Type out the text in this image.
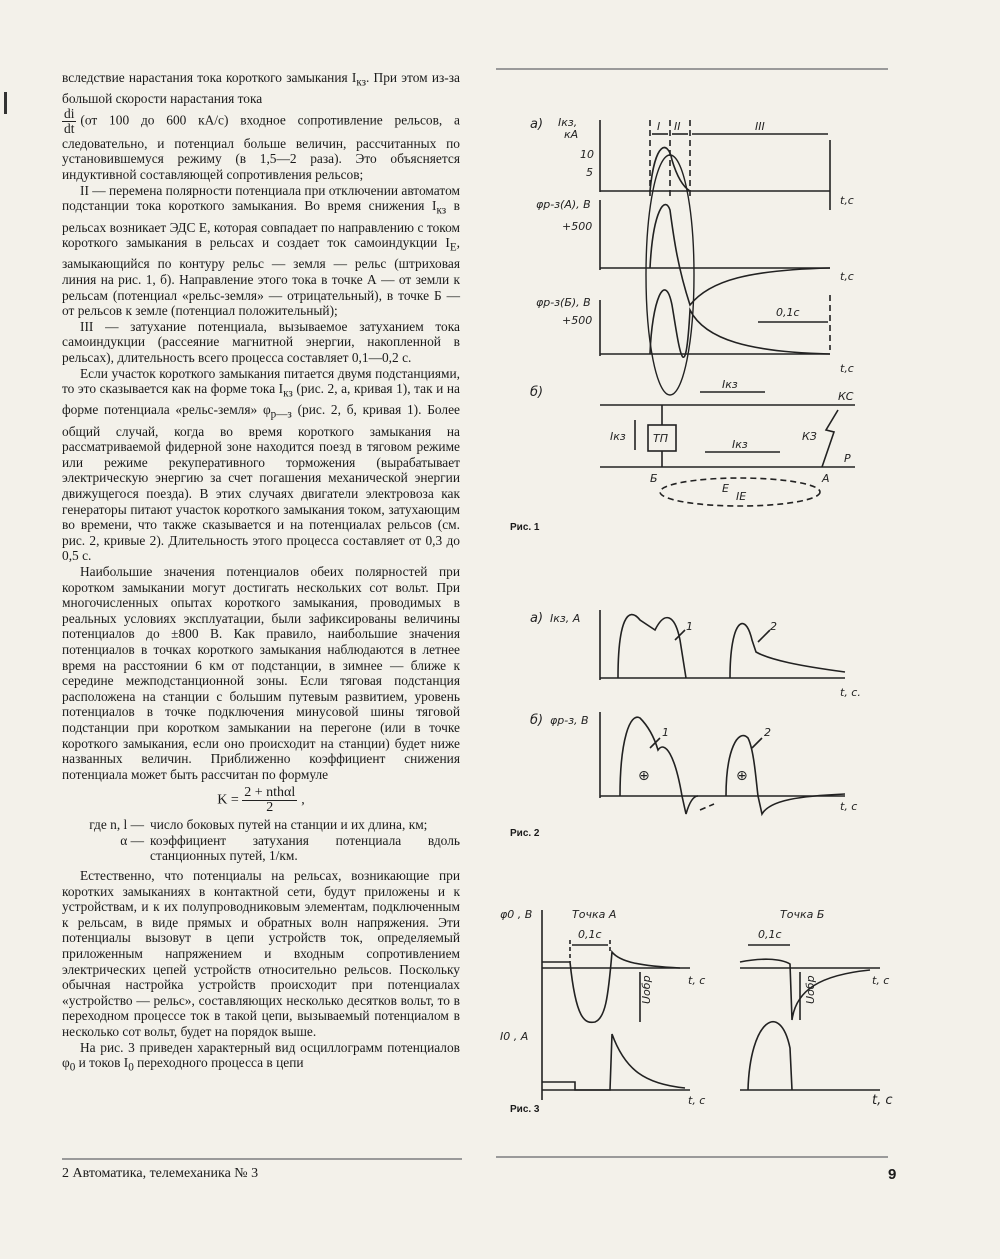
вследствие нарастания тока короткого замыкания $I_{кз}$. При этом из-за большой скорости нарастания тока

$\frac{di}{dt} (от$ 100 до 600 кА/с) входное сопротивление рельсов, а следовательно, и потенциал больше величин, рассчитанных по установившемуся режиму (в 1,5—2 раза). Это объясняется индуктивной составляющей сопротивления рельсов;

II — перемена полярности потенциала при отключении автоматом подстанции тока короткого замыкания. Во время снижения $I_{кз}$ в рельсах возникает ЭДС Е, которая совпадает по направлению с током короткого замыкания в рельсах и создает ток самоиндукции $I_E$, замыкающийся по контуру рельс — земля — рельс (штриховая линия на рис. 1, б). Направление этого тока в точке А — от земли к рельсам (потенциал «рельс-земля» — отрицательный), в точке Б — от рельсов к земле (потенциал положительный);

III — затухание потенциала, вызываемое затуханием тока самоиндукции (рассеяние магнитной энергии, накопленной в рельсах), длительность всего процесса составляет 0,1—0,2 с.

Если участок короткого замыкания питается двумя подстанциями, то это сказывается как на форме тока $I_{кз}$ (рис. 2, а, кривая 1), так и на форме потенциала «рельс-земля» $\varphi_{р—з}$ (рис. 2, б, кривая 1). Более общий случай, когда во время короткого замыкания на рассматриваемой фидерной зоне находится поезд в тяговом режиме или режиме рекуперативного торможения (вырабатывает электрическую энергию за счет погашения механической энергии движущегося поезда). В этих случаях двигатели электровоза как генераторы питают участок короткого замыкания током, затухающим во времени, что также сказывается и на потенциалах рельсов (см. рис. 2, кривые 2). Длительность этого процесса составляет от 0,3 до 0,5 с.

Наибольшие значения потенциалов обеих полярностей при коротком замыкании могут достигать нескольких сот вольт. При многочисленных опытах короткого замыкания, проводимых в реальных условиях эксплуатации, были зафиксированы величины потенциалов до ±800 В. Как правило, наибольшие значения потенциалов в точках короткого замыкания наблюдаются в летнее время на расстоянии 6 км от подстанции, в зимнее — ближе к середине межподстанционной зоны. Если тяговая подстанция расположена на станции с большим путевым развитием, уровень потенциалов в точке подключения минусовой шины тяговой подстанции при коротком замыкании на перегоне (или в точке короткого замыкания, если оно происходит на станции) будет ниже названных величин. Приближенно коэффициент снижения потенциала может быть рассчитан по формуле

$K = \frac{\text{2 + nthαl}}{2}$ ,
где n, l — число боковых путей на станции и их длина, км;
α — коэффициент затухания потенциала вдоль станционных путей, 1/км.

Естественно, что потенциалы на рельсах, возникающие при коротких замыканиях в контактной сети, будут приложены и к устройствам, и к их полупроводниковым элементам, подключенным к рельсам, в виде прямых и обратных волн напряжения. Эти потенциалы вызовут в цепи устройств ток, определяемый приложенным напряжением и входным сопротивлением электрических цепей устройств относительно рельсов. Поскольку обычная настройка устройств происходит при потенциалах «устройство — рельс», составляющих несколько десятков вольт, то в переходном процессе ток в такой цепи, вызываемый потенциалом в несколько сот вольт, будет на порядок выше.

На рис. 3 приведен характерный вид осциллограмм потенциалов $\varphi_0$ и токов $I_0$ переходного процесса в цепи

2 Автоматика, телемеханика № 3	9
а) Iкз,
кА
I II	III
10
5
t,c
φр-з(А), В
+500
t,c
φр-з(Б), В
+500
0,1с
t,c
б)
Iкз
КС
Iкз ТП	Iкз
КЗ
Р
Б	А
Е
IE
Рис. 1
а) Iкз, А
1	2
t, c.
б) φр-з, В
1	2
⊕	⊕
t, c
Рис. 2
φ0 , В	Точка А	Точка Б
0,1с	0,1с
t, c	t, c
I0 , А
t, c	t, c
Uобр	Uобр
Рис. 3
